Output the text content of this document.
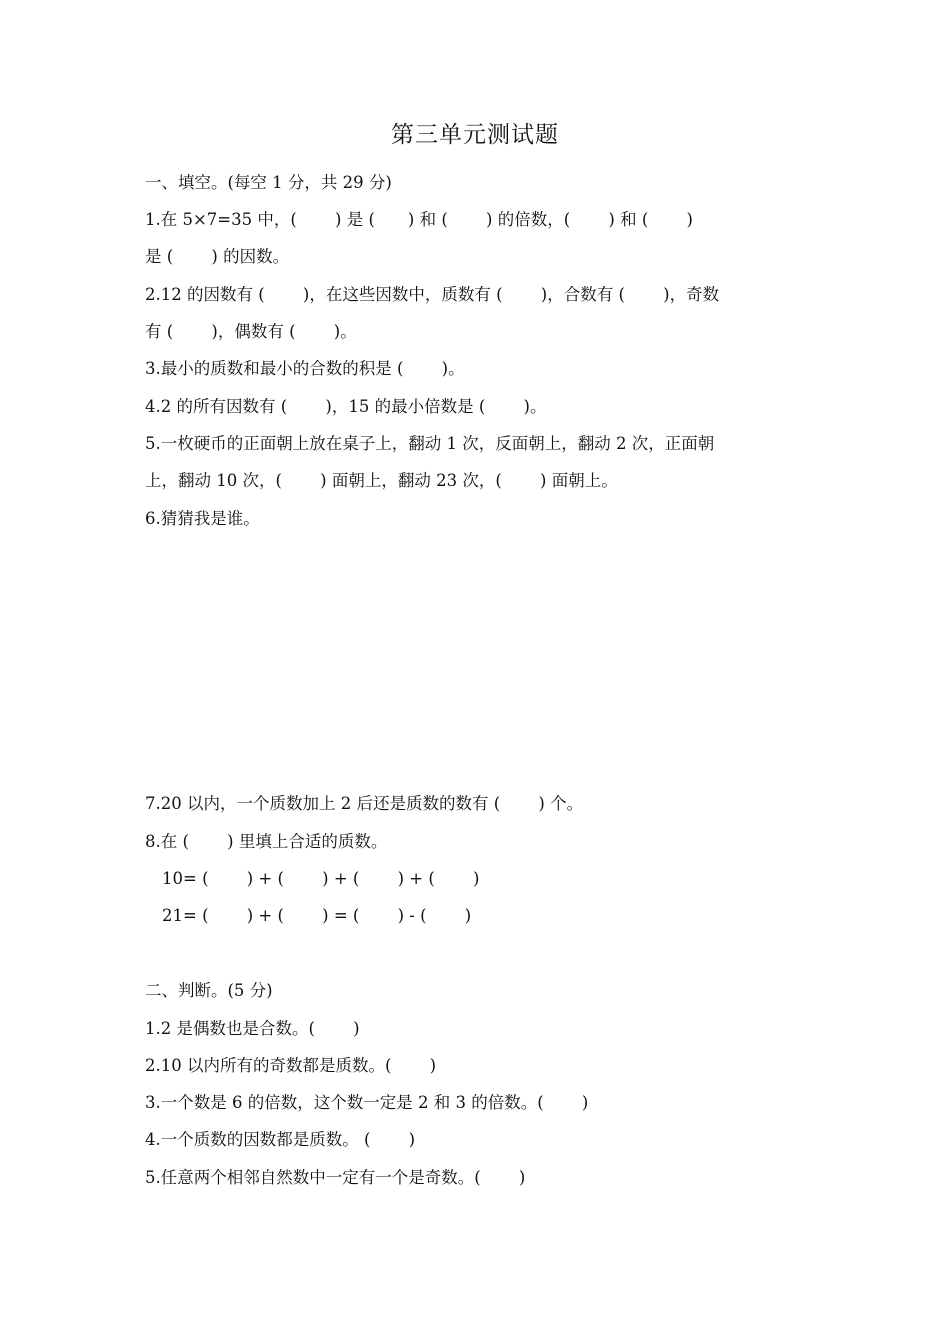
第三单元测试题
一、填空。(每空 1 分，共 29 分)
1.在 5×7=35 中，(　　 ) 是 (　　) 和 (　　 ) 的倍数，(　　 ) 和 (　　 )
是 (　　 ) 的因数。
2.12 的因数有 (　　 )，在这些因数中，质数有 (　　 )，合数有 (　　 )，奇数
有 (　　 )，偶数有 (　　 )。
3.最小的质数和最小的合数的积是 (　　 )。
4.2 的所有因数有 (　　 )，15 的最小倍数是 (　　 )。
5.一枚硬币的正面朝上放在桌子上，翻动 1 次，反面朝上，翻动 2 次，正面朝
上，翻动 10 次，(　　 ) 面朝上，翻动 23 次，(　　 ) 面朝上。
6.猜猜我是谁。
7.20 以内，一个质数加上 2 后还是质数的数有 (　　 ) 个。
8.在 (　　 ) 里填上合适的质数。
10= (　　 ) + (　　 ) + (　　 ) + (　　 )
21= (　　 ) + (　　 ) = (　　 ) - (　　 )
二、判断。(5 分)
1.2 是偶数也是合数。(　　 )
2.10 以内所有的奇数都是质数。(　　 )
3.一个数是 6 的倍数，这个数一定是 2 和 3 的倍数。(　　 )
4.一个质数的因数都是质数。 (　　 )
5.任意两个相邻自然数中一定有一个是奇数。(　　 )
